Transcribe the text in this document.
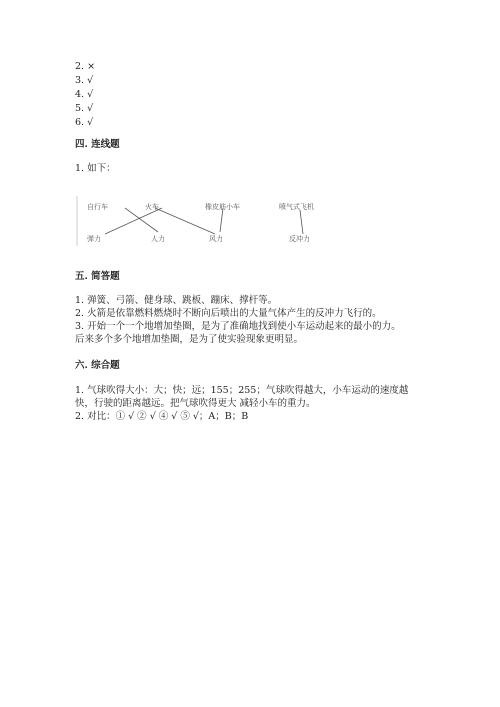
2. ×
3. √
4. √
5. √
6. √
四. 连线题
1. 如下：
自行车	火车	橡皮筋小车	喷气式飞机
弹力	人力	风力	反冲力
五. 简答题
1. 弹簧、弓箭、健身球、跳板、蹦床、撑杆等。
2. 火箭是依靠燃料燃烧时不断向后喷出的大量气体产生的反冲力飞行的。
3. 开始一个一个地增加垫圈，是为了准确地找到使小车运动起来的最小的力。
后来多个多个地增加垫圈，是为了使实验现象更明显。
六. 综合题
1. 气球吹得大小：大；快；远；155；255；气球吹得越大，小车运动的速度越
快，行驶的距离越远。把气球吹得更大 减轻小车的重力。
2. 对比：① √ ② √ ④ √ ⑤ √；A；B；B
